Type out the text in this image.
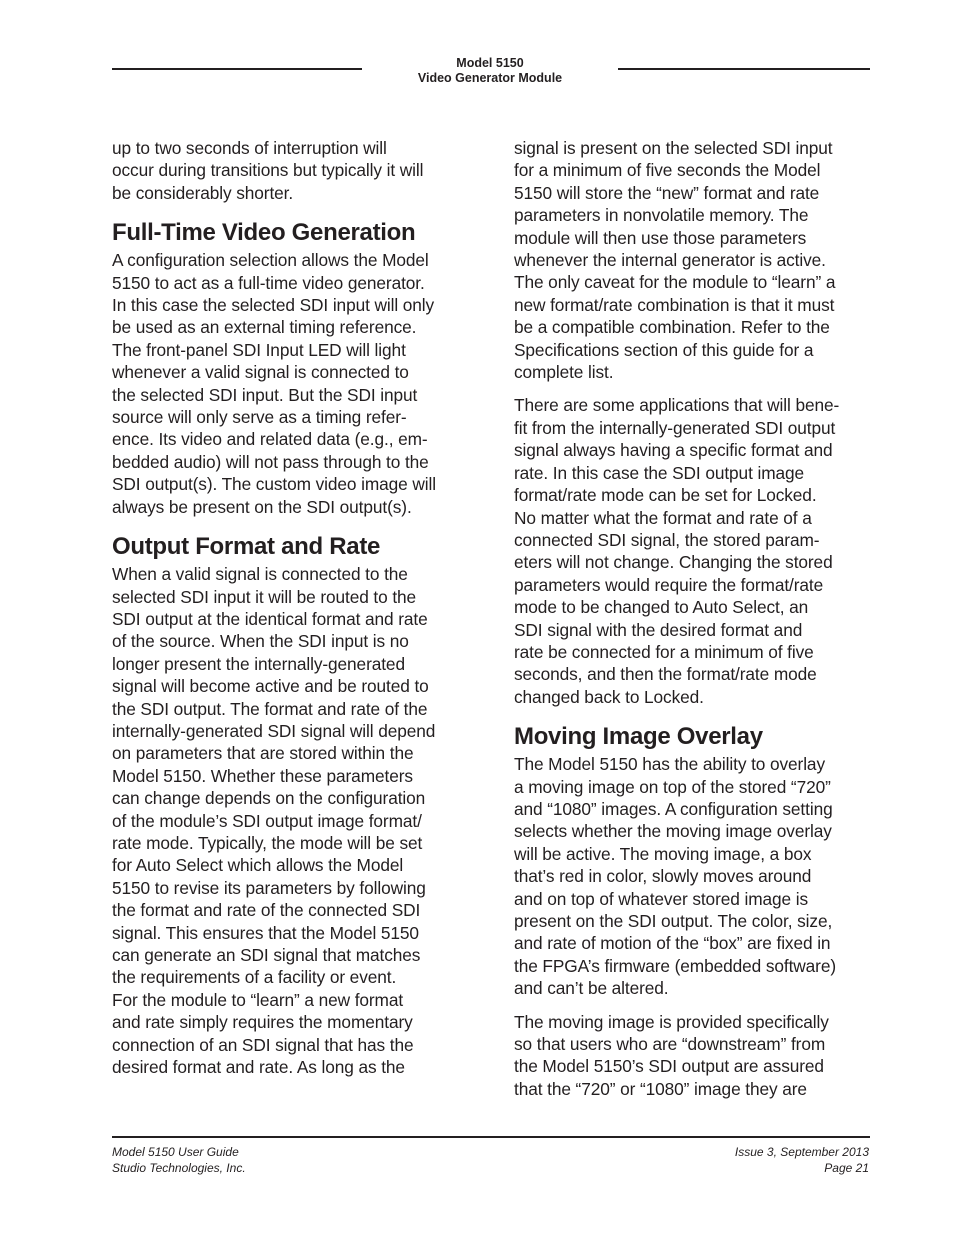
Model 5150
Video Generator Module

up to two seconds of interruption will
occur during transitions but typically it will
be considerably shorter.

Full-Time Video Generation

A configuration selection allows the Model
5150 to act as a full-time video generator.
In this case the selected SDI input will only
be used as an external timing reference.
The front-panel SDI Input LED will light
whenever a valid signal is connected to
the selected SDI input. But the SDI input
source will only serve as a timing refer-
ence. Its video and related data (e.g., em-
bedded audio) will not pass through to the
SDI output(s). The custom video image will
always be present on the SDI output(s).

Output Format and Rate

When a valid signal is connected to the
selected SDI input it will be routed to the
SDI output at the identical format and rate
of the source. When the SDI input is no
longer present the internally-generated
signal will become active and be routed to
the SDI output. The format and rate of the
internally-generated SDI signal will depend
on parameters that are stored within the
Model 5150. Whether these parameters
can change depends on the configuration
of the module’s SDI output image format/
rate mode. Typically, the mode will be set
for Auto Select which allows the Model
5150 to revise its parameters by following
the format and rate of the connected SDI
signal. This ensures that the Model 5150
can generate an SDI signal that matches
the requirements of a facility or event.
For the module to “learn” a new format
and rate simply requires the momentary
connection of an SDI signal that has the
desired format and rate. As long as the

signal is present on the selected SDI input
for a minimum of five seconds the Model
5150 will store the “new” format and rate
parameters in nonvolatile memory. The
module will then use those parameters
whenever the internal generator is active.
The only caveat for the module to “learn” a
new format/rate combination is that it must
be a compatible combination. Refer to the
Specifications section of this guide for a
complete list.

There are some applications that will bene-
fit from the internally-generated SDI output
signal always having a specific format and
rate. In this case the SDI output image
format/rate mode can be set for Locked.
No matter what the format and rate of a
connected SDI signal, the stored param-
eters will not change. Changing the stored
parameters would require the format/rate
mode to be changed to Auto Select, an
SDI signal with the desired format and
rate be connected for a minimum of five
seconds, and then the format/rate mode
changed back to Locked.

Moving Image Overlay

The Model 5150 has the ability to overlay
a moving image on top of the stored “720”
and “1080” images. A configuration setting
selects whether the moving image overlay
will be active. The moving image, a box
that’s red in color, slowly moves around
and on top of whatever stored image is
present on the SDI output. The color, size,
and rate of motion of the “box” are fixed in
the FPGA’s firmware (embedded software)
and can’t be altered.

The moving image is provided specifically
so that users who are “downstream” from
the Model 5150’s SDI output are assured
that the “720” or “1080” image they are

Model 5150 User Guide
Studio Technologies, Inc.
Issue 3, September 2013
Page 21
